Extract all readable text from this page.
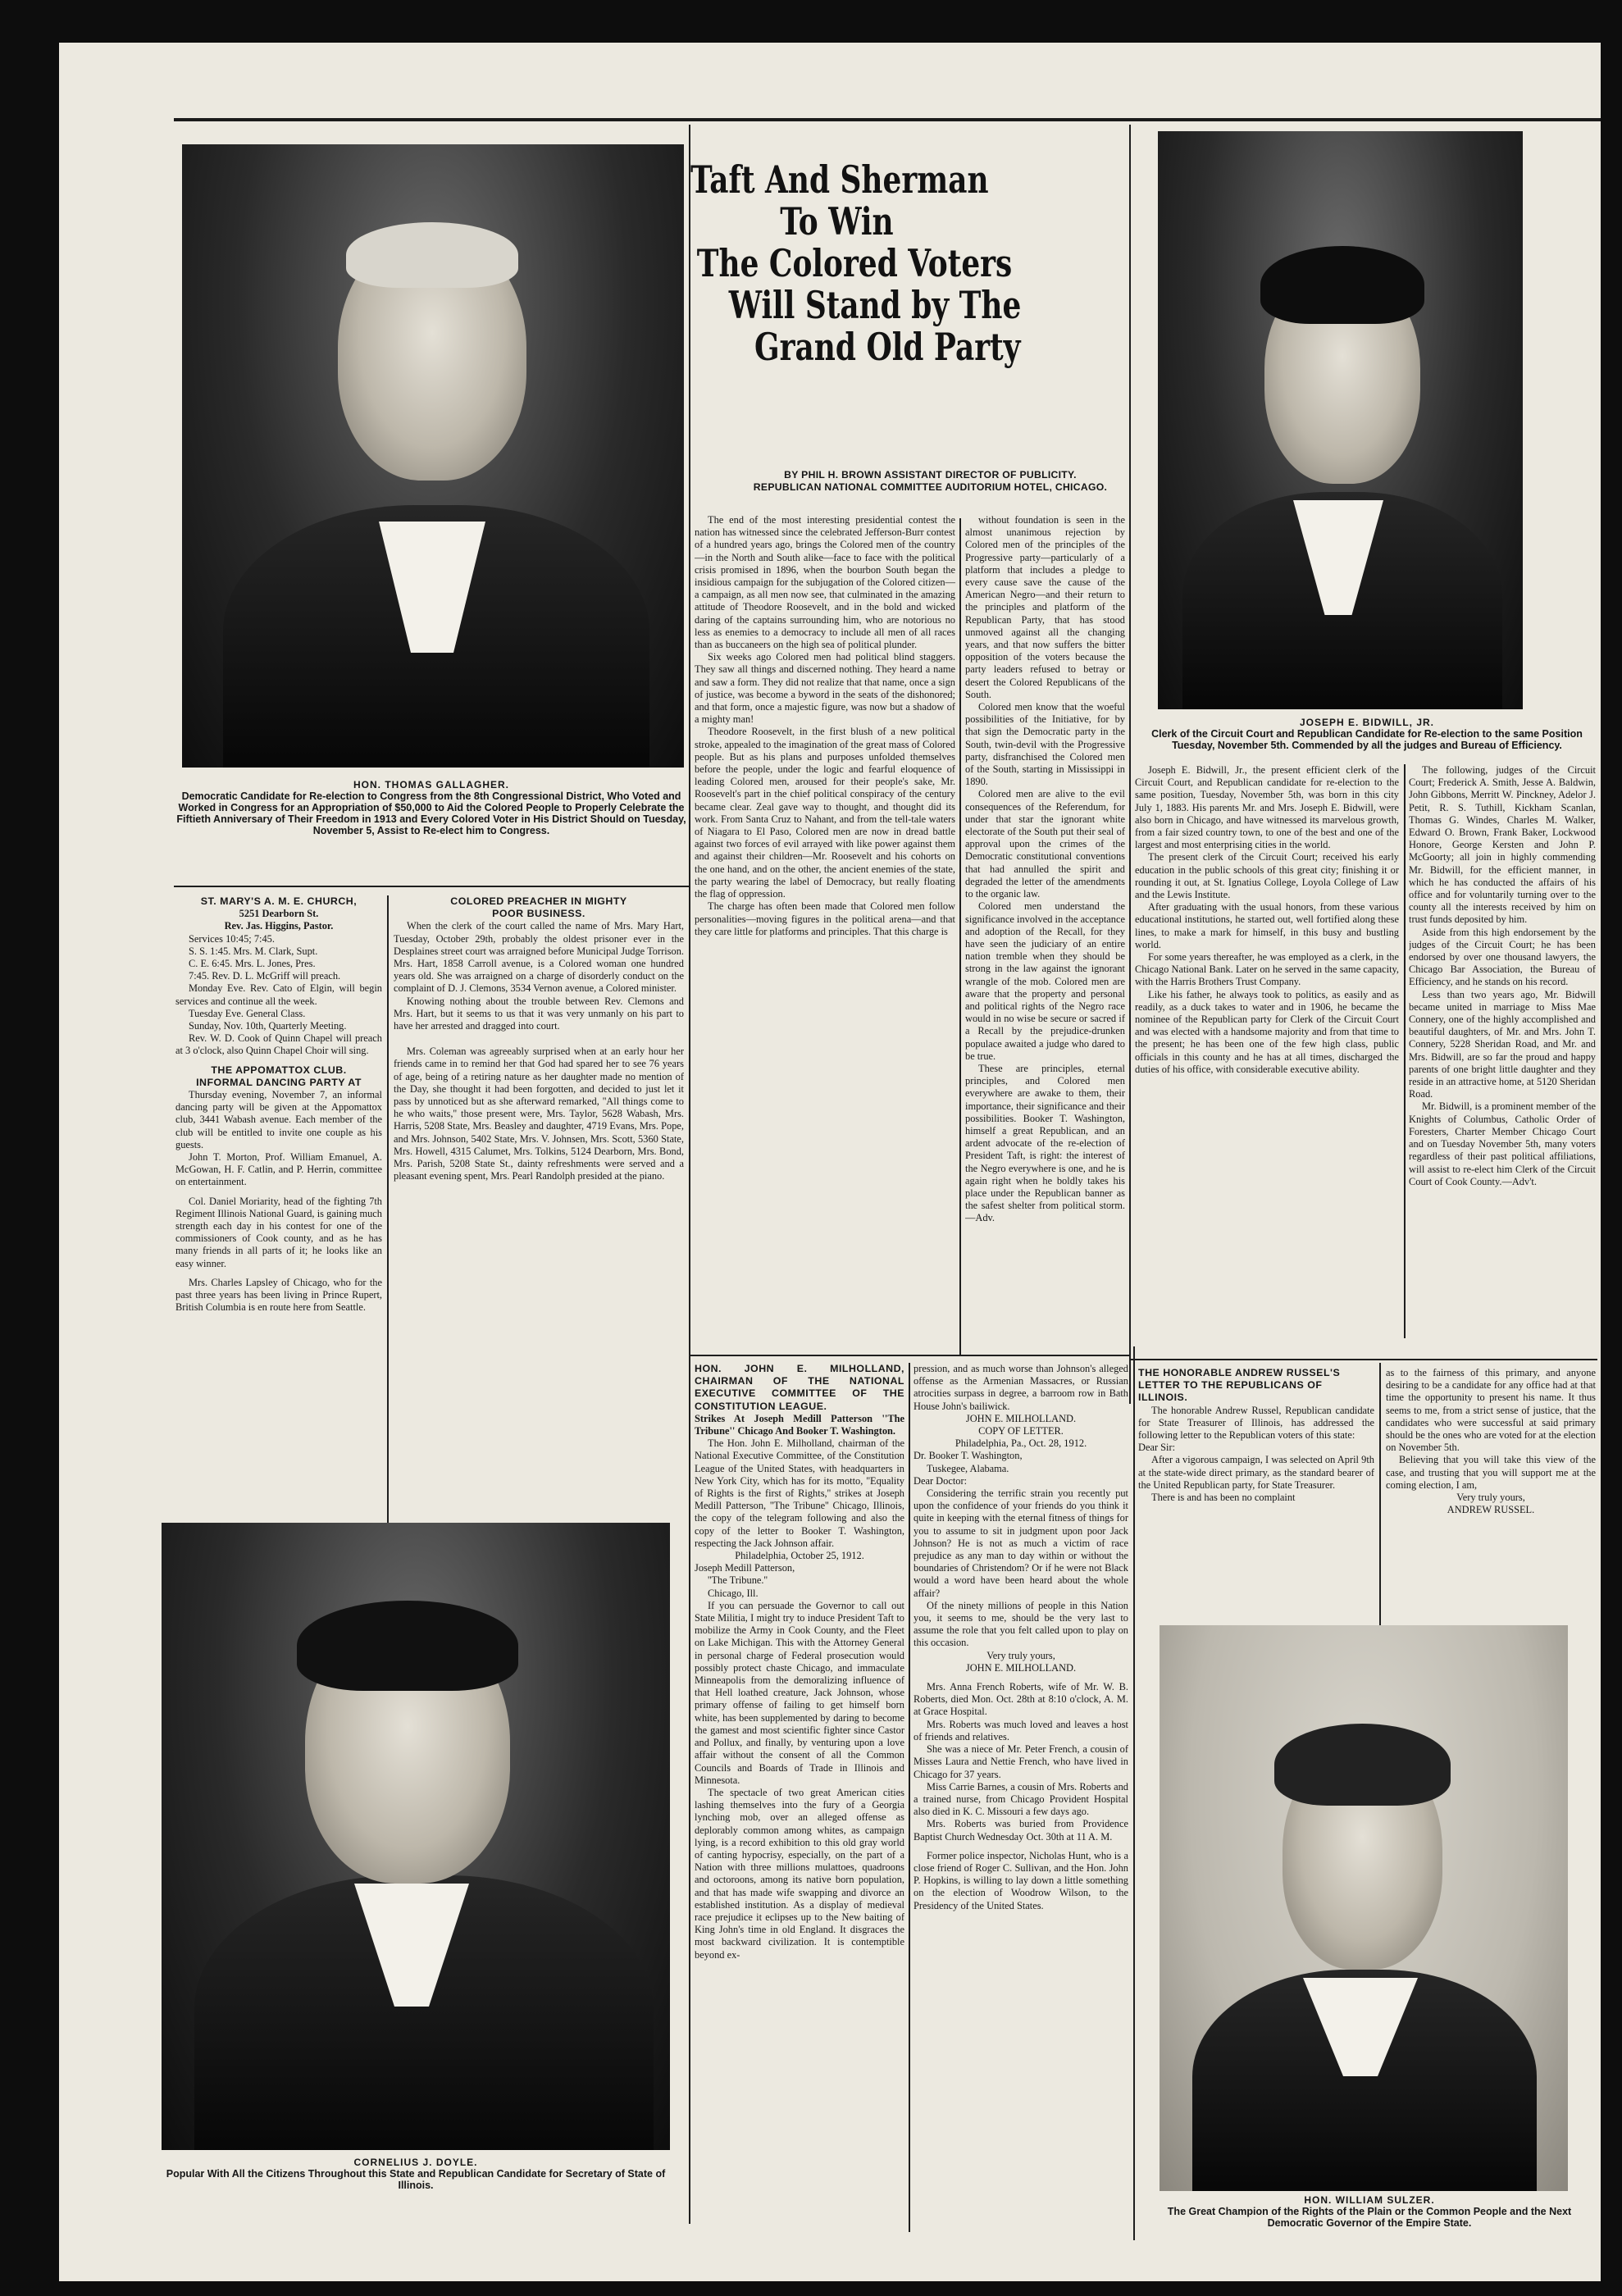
HON. THOMAS GALLAGHER.
Democratic Candidate for Re-election to Congress from the 8th Congressional District, Who Voted and Worked in Congress for an Appropriation of $50,000 to Aid the Colored People to Properly Celebrate the Fiftieth Anniversary of Their Freedom in 1913 and Every Colored Voter in His District Should on Tuesday, November 5, Assist to Re-elect him to Congress.
Taft And Sherman
To Win
The Colored Voters
Will Stand by The
Grand Old Party
BY PHIL H. BROWN ASSISTANT DIRECTOR OF PUBLICITY.
REPUBLICAN NATIONAL COMMITTEE AUDITORIUM HOTEL, CHICAGO.

The end of the most interesting presidential contest the nation has witnessed since the celebrated Jefferson-Burr contest of a hundred years ago, brings the Colored men of the country —in the North and South alike—face to face with the political crisis promised in 1896, when the bourbon South began the insidious campaign for the subjugation of the Colored citizen—a campaign, as all men now see, that culminated in the amazing attitude of Theodore Roosevelt, and in the bold and wicked daring of the captains surrounding him, who are notorious no less as enemies to a democracy to include all men of all races than as buccaneers on the high sea of political plunder.

Six weeks ago Colored men had political blind staggers. They saw all things and discerned nothing. They heard a name and saw a form. They did not realize that that name, once a sign of justice, was become a byword in the seats of the dishonored; and that form, once a majestic figure, was now but a shadow of a mighty man!

Theodore Roosevelt, in the first blush of a new political stroke, appealed to the imagination of the great mass of Colored people. But as his plans and purposes unfolded themselves before the people, under the logic and fearful eloquence of leading Colored men, aroused for their people's sake, Mr. Roosevelt's part in the chief political conspiracy of the century became clear. Zeal gave way to thought, and thought did its work. From Santa Cruz to Nahant, and from the tell-tale waters of Niagara to El Paso, Colored men are now in dread battle against two forces of evil arrayed with like power against them and against their children—Mr. Roosevelt and his cohorts on the one hand, and on the other, the ancient enemies of the state, the party wearing the label of Democracy, but really floating the flag of oppression.

The charge has often been made that Colored men follow personalities—moving figures in the political arena—and that they care little for platforms and principles. That this charge is

without foundation is seen in the almost unanimous rejection by Colored men of the principles of the Progressive party—particularly of a platform that includes a pledge to every cause save the cause of the American Negro—and their return to the principles and platform of the Republican Party, that has stood unmoved against all the changing years, and that now suffers the bitter opposition of the voters because the party leaders refused to betray or desert the Colored Republicans of the South.

Colored men know that the woeful possibilities of the Initiative, for by that sign the Democratic party in the South, twin-devil with the Progressive party, disfranchised the Colored men of the South, starting in Mississippi in 1890.

Colored men are alive to the evil consequences of the Referendum, for under that star the ignorant white electorate of the South put their seal of approval upon the crimes of the Democratic constitutional conventions that had annulled the spirit and degraded the letter of the amendments to the organic law.

Colored men understand the significance involved in the acceptance and adoption of the Recall, for they have seen the judiciary of an entire nation tremble when they should be strong in the law against the ignorant wrangle of the mob. Colored men are aware that the property and personal and political rights of the Negro race would in no wise be secure or sacred if a Recall by the prejudice-drunken populace awaited a judge who dared to be true.

These are principles, eternal principles, and Colored men everywhere are awake to them, their importance, their significance and their possibilities. Booker T. Washington, himself a great Republican, and an ardent advocate of the re-election of President Taft, is right: the interest of the Negro everywhere is one, and he is again right when he boldly takes his place under the Republican banner as the safest shelter from political storm.—Adv.

JOSEPH E. BIDWILL, JR.
Clerk of the Circuit Court and Republican Candidate for Re-election to the same Position Tuesday, November 5th. Commended by all the judges and Bureau of Efficiency.

Joseph E. Bidwill, Jr., the present efficient clerk of the Circuit Court, and Republican candidate for re-election to the same position, Tuesday, November 5th, was born in this city July 1, 1883. His parents Mr. and Mrs. Joseph E. Bidwill, were also born in Chicago, and have witnessed its marvelous growth, from a fair sized country town, to one of the best and one of the largest and most enterprising cities in the world.

The present clerk of the Circuit Court; received his early education in the public schools of this great city; finishing it or rounding it out, at St. Ignatius College, Loyola College of Law and the Lewis Institute.

After graduating with the usual honors, from these various educational institutions, he started out, well fortified along these lines, to make a mark for himself, in this busy and bustling world.

For some years thereafter, he was employed as a clerk, in the Chicago National Bank. Later on he served in the same capacity, with the Harris Brothers Trust Company.

Like his father, he always took to politics, as easily and as readily, as a duck takes to water and in 1906, he became the nominee of the Republican party for Clerk of the Circuit Court and was elected with a handsome majority and from that time to the present; he has been one of the few high class, public officials in this county and he has at all times, discharged the duties of his office, with considerable executive ability.

The following, judges of the Circuit Court; Frederick A. Smith, Jesse A. Baldwin, John Gibbons, Merritt W. Pinckney, Adelor J. Petit, R. S. Tuthill, Kickham Scanlan, Thomas G. Windes, Charles M. Walker, Edward O. Brown, Frank Baker, Lockwood Honore, George Kersten and John P. McGoorty; all join in highly commending Mr. Bidwill, for the efficient manner, in which he has conducted the affairs of his office and for voluntarily turning over to the county all the interests received by him on trust funds deposited by him.

Aside from this high endorsement by the judges of the Circuit Court; he has been endorsed by over one thousand lawyers, the Chicago Bar Association, the Bureau of Efficiency, and he stands on his record.

Less than two years ago, Mr. Bidwill became united in marriage to Miss Mae Connery, one of the highly accomplished and beautiful daughters, of Mr. and Mrs. John T. Connery, 5228 Sheridan Road, and Mr. and Mrs. Bidwill, are so far the proud and happy parents of one bright little daughter and they reside in an attractive home, at 5120 Sheridan Road.

Mr. Bidwill, is a prominent member of the Knights of Columbus, Catholic Order of Foresters, Charter Member Chicago Court and on Tuesday November 5th, many voters regardless of their past political affiliations, will assist to re-elect him Clerk of the Circuit Court of Cook County.—Adv't.

ST. MARY'S A. M. E. CHURCH,

5251 Dearborn St.

Rev. Jas. Higgins, Pastor.

Services 10:45; 7:45.

S. S. 1:45. Mrs. M. Clark, Supt.

C. E. 6:45. Mrs. L. Jones, Pres.

7:45. Rev. D. L. McGriff will preach.

Monday Eve. Rev. Cato of Elgin, will begin services and continue all the week.

Tuesday Eve. General Class.

Sunday, Nov. 10th, Quarterly Meeting.

Rev. W. D. Cook of Quinn Chapel will preach at 3 o'clock, also Quinn Chapel Choir will sing.

THE APPOMATTOX CLUB.

INFORMAL DANCING PARTY AT

Thursday evening, November 7, an informal dancing party will be given at the Appomattox club, 3441 Wabash avenue. Each member of the club will be entitled to invite one couple as his guests.

John T. Morton, Prof. William Emanuel, A. McGowan, H. F. Catlin, and P. Herrin, committee on entertainment.

Col. Daniel Moriarity, head of the fighting 7th Regiment Illinois National Guard, is gaining much strength each day in his contest for one of the commissioners of Cook county, and as he has many friends in all parts of it; he looks like an easy winner.

Mrs. Charles Lapsley of Chicago, who for the past three years has been living in Prince Rupert, British Columbia is en route here from Seattle.

COLORED PREACHER IN MIGHTY

POOR BUSINESS.

When the clerk of the court called the name of Mrs. Mary Hart, Tuesday, October 29th, probably the oldest prisoner ever in the Desplaines street court was arraigned before Municipal Judge Torrison. Mrs. Hart, 1858 Carroll avenue, is a Colored woman one hundred years old. She was arraigned on a charge of disorderly conduct on the complaint of D. J. Clemons, 3534 Vernon avenue, a Colored minister.

Knowing nothing about the trouble between Rev. Clemons and Mrs. Hart, but it seems to us that it was very unmanly on his part to have her arrested and dragged into court.

Mrs. Coleman was agreeably surprised when at an early hour her friends came in to remind her that God had spared her to see 76 years of age, being of a retiring nature as her daughter made no mention of the Day, she thought it had been forgotten, and decided to just let it pass by unnoticed but as she afterward remarked, ''All things come to he who waits,'' those present were, Mrs. Taylor, 5628 Wabash, Mrs. Harris, 5208 State, Mrs. Beasley and daughter, 4719 Evans, Mrs. Pope, and Mrs. Johnson, 5402 State, Mrs. V. Johnsen, Mrs. Scott, 5360 State, Mrs. Howell, 4315 Calumet, Mrs. Tolkins, 5124 Dearborn, Mrs. Bond, Mrs. Parish, 5208 State St., dainty refreshments were served and a pleasant evening spent, Mrs. Pearl Randolph presided at the piano.

CORNELIUS J. DOYLE.
Popular With All the Citizens Throughout this State and Republican Candidate for Secretary of State of Illinois.

HON. JOHN E. MILHOLLAND, CHAIRMAN OF THE NATIONAL EXECUTIVE COMMITTEE OF THE CONSTITUTION LEAGUE.

Strikes At Joseph Medill Patterson ''The Tribune'' Chicago And Booker T. Washington.

The Hon. John E. Milholland, chairman of the National Executive Committee, of the Constitution League of the United States, with headquarters in New York City, which has for its motto, ''Equality of Rights is the first of Rights,'' strikes at Joseph Medill Patterson, ''The Tribune'' Chicago, Illinois, the copy of the telegram following and also the copy of the letter to Booker T. Washington, respecting the Jack Johnson affair.

Philadelphia, October 25, 1912.

Joseph Medill Patterson,

''The Tribune.''

Chicago, Ill.

If you can persuade the Governor to call out State Militia, I might try to induce President Taft to mobilize the Army in Cook County, and the Fleet on Lake Michigan. This with the Attorney General in personal charge of Federal prosecution would possibly protect chaste Chicago, and immaculate Minneapolis from the demoralizing influence of that Hell loathed creature, Jack Johnson, whose primary offense of failing to get himself born white, has been supplemented by daring to become the gamest and most scientific fighter since Castor and Pollux, and finally, by venturing upon a love affair without the consent of all the Common Councils and Boards of Trade in Illinois and Minnesota.

The spectacle of two great American cities lashing themselves into the fury of a Georgia lynching mob, over an alleged offense as deplorably common among whites, as campaign lying, is a record exhibition to this old gray world of canting hypocrisy, especially, on the part of a Nation with three millions mulattoes, quadroons and octoroons, among its native born population, and that has made wife swapping and divorce an established institution. As a display of medieval race prejudice it eclipses up to the New baiting of King John's time in old England. It disgraces the most backward civilization. It is contemptible beyond ex-

pression, and as much worse than Johnson's alleged offense as the Armenian Massacres, or Russian atrocities surpass in degree, a barroom row in Bath House John's bailiwick.

JOHN E. MILHOLLAND.

COPY OF LETTER.

Philadelphia, Pa., Oct. 28, 1912.

Dr. Booker T. Washington,

Tuskegee, Alabama.

Dear Doctor:

Considering the terrific strain you recently put upon the confidence of your friends do you think it quite in keeping with the eternal fitness of things for you to assume to sit in judgment upon poor Jack Johnson? He is not as much a victim of race prejudice as any man to day within or without the boundaries of Christendom? Or if he were not Black would a word have been heard about the whole affair?

Of the ninety millions of people in this Nation you, it seems to me, should be the very last to assume the role that you felt called upon to play on this occasion.

Very truly yours,

JOHN E. MILHOLLAND.

Mrs. Anna French Roberts, wife of Mr. W. B. Roberts, died Mon. Oct. 28th at 8:10 o'clock, A. M. at Grace Hospital.

Mrs. Roberts was much loved and leaves a host of friends and relatives.

She was a niece of Mr. Peter French, a cousin of Misses Laura and Nettie French, who have lived in Chicago for 37 years.

Miss Carrie Barnes, a cousin of Mrs. Roberts and a trained nurse, from Chicago Provident Hospital also died in K. C. Missouri a few days ago.

Mrs. Roberts was buried from Providence Baptist Church Wednesday Oct. 30th at 11 A. M.

Former police inspector, Nicholas Hunt, who is a close friend of Roger C. Sullivan, and the Hon. John P. Hopkins, is willing to lay down a little something on the election of Woodrow Wilson, to the Presidency of the United States.

THE HONORABLE ANDREW RUSSEL'S LETTER TO THE REPUBLICANS OF ILLINOIS.

The honorable Andrew Russel, Republican candidate for State Treasurer of Illinois, has addressed the following letter to the Republican voters of this state:

Dear Sir:

After a vigorous campaign, I was selected on April 9th at the state-wide direct primary, as the standard bearer of the United Republican party, for State Treasurer.

There is and has been no complaint

as to the fairness of this primary, and anyone desiring to be a candidate for any office had at that time the opportunity to present his name. It thus seems to me, from a strict sense of justice, that the candidates who were successful at said primary should be the ones who are voted for at the election on November 5th.

Believing that you will take this view of the case, and trusting that you will support me at the coming election, I am,

Very truly yours,

ANDREW RUSSEL.

HON. WILLIAM SULZER.
The Great Champion of the Rights of the Plain or the Common People and the Next Democratic Governor of the Empire State.
